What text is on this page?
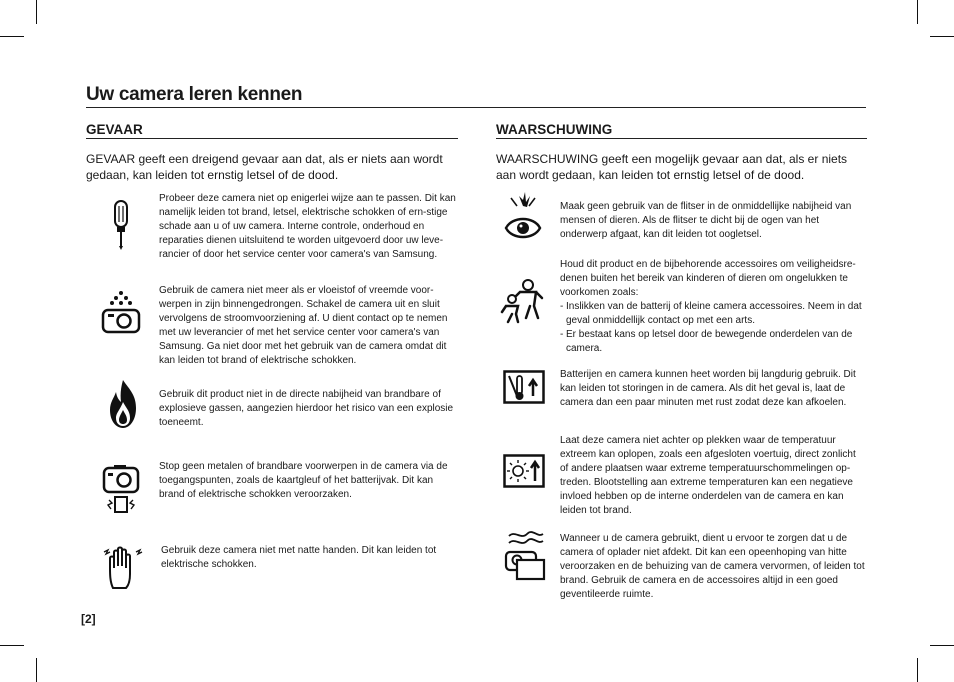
Uw camera leren kennen
GEVAAR

GEVAAR geeft een dreigend gevaar aan dat, als er niets aan wordt gedaan, kan leiden tot ernstig letsel of de dood.

Probeer deze camera niet op enigerlei wijze aan te passen. Dit kan namelijk leiden tot brand, letsel, elektrische schokken of ern-stige schade aan u of uw camera. Interne controle, onderhoud en reparaties dienen uitsluitend te worden uitgevoerd door uw leve-rancier of door het service center voor camera's van Samsung.

Gebruik de camera niet meer als er vloeistof of vreemde voor-werpen in zijn binnengedrongen. Schakel de camera uit en sluit vervolgens de stroomvoorziening af. U dient contact op te nemen met uw leverancier of met het service center voor camera's van Samsung. Ga niet door met het gebruik van de camera omdat dit kan leiden tot brand of elektrische schokken.

Gebruik dit product niet in de directe nabijheid van brandbare of explosieve gassen, aangezien hierdoor het risico van een explosie toeneemt.

Stop geen metalen of brandbare voorwerpen in de camera via de toegangspunten, zoals de kaartgleuf of het batterijvak. Dit kan brand of elektrische schokken veroorzaken.

Gebruik deze camera niet met natte handen. Dit kan leiden tot elektrische schokken.

WAARSCHUWING

WAARSCHUWING geeft een mogelijk gevaar aan dat, als er niets aan wordt gedaan, kan leiden tot ernstig letsel of de dood.

Maak geen gebruik van de flitser in de onmiddellijke nabijheid van mensen of dieren. Als de flitser te dicht bij de ogen van het onderwerp afgaat, kan dit leiden tot oogletsel.

Houd dit product en de bijbehorende accessoires om veiligheidsre-denen buiten het bereik van kinderen of dieren om ongelukken te voorkomen zoals:

- Inslikken van de batterij of kleine camera accessoires. Neem in dat geval onmiddellijk contact op met een arts.
- Er bestaat kans op letsel door de bewegende onderdelen van de camera.

Batterijen en camera kunnen heet worden bij langdurig gebruik. Dit kan leiden tot storingen in de camera. Als dit het geval is, laat de camera dan een paar minuten met rust zodat deze kan afkoelen.

Laat deze camera niet achter op plekken waar de temperatuur extreem kan oplopen, zoals een afgesloten voertuig, direct zonlicht of andere plaatsen waar extreme temperatuurschommelingen op-treden. Blootstelling aan extreme temperaturen kan een negatieve invloed hebben op de interne onderdelen van de camera en kan leiden tot brand.

Wanneer u de camera gebruikt, dient u ervoor te zorgen dat u de camera of oplader niet afdekt. Dit kan een opeenhoping van hitte veroorzaken en de behuizing van de camera vervormen, of leiden tot brand. Gebruik de camera en de accessoires altijd in een goed geventileerde ruimte.

[2]
